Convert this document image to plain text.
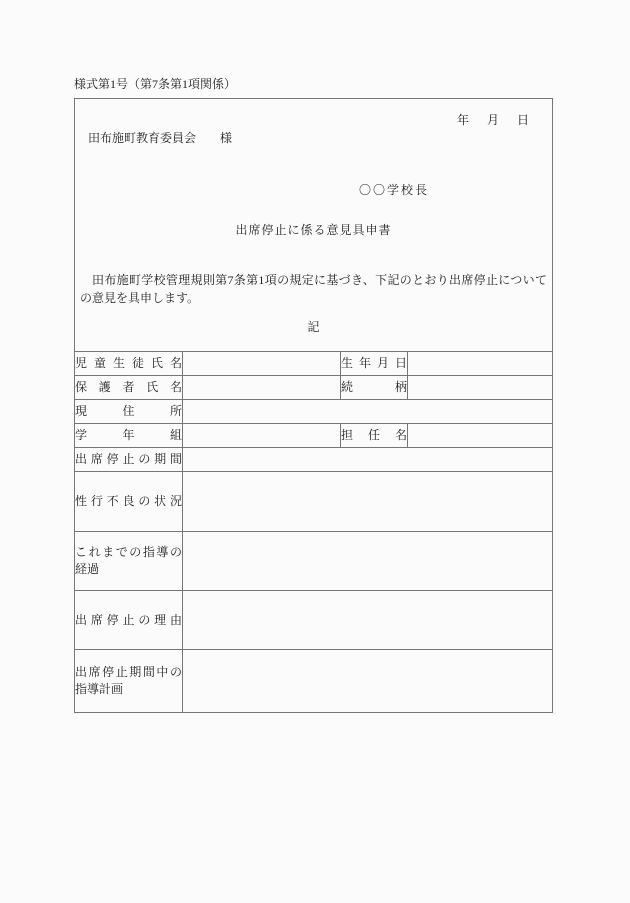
様式第1号（第7条第1項関係）
年　月　日
田布施町教育委員会　　様
〇〇学校長
出席停止に係る意見具申書
田布施町学校管理規則第7条第1項の規定に基づき、下記のとおり出席停止についての意見を具申します。
記

児童生徒氏名		生年月日	
保護者氏名		続柄	
現住所			
学年組		担任名	
出席停止の期間			
性行不良の状況			
これまでの指導の経過			
出席停止の理由			
出席停止期間中の指導計画			
